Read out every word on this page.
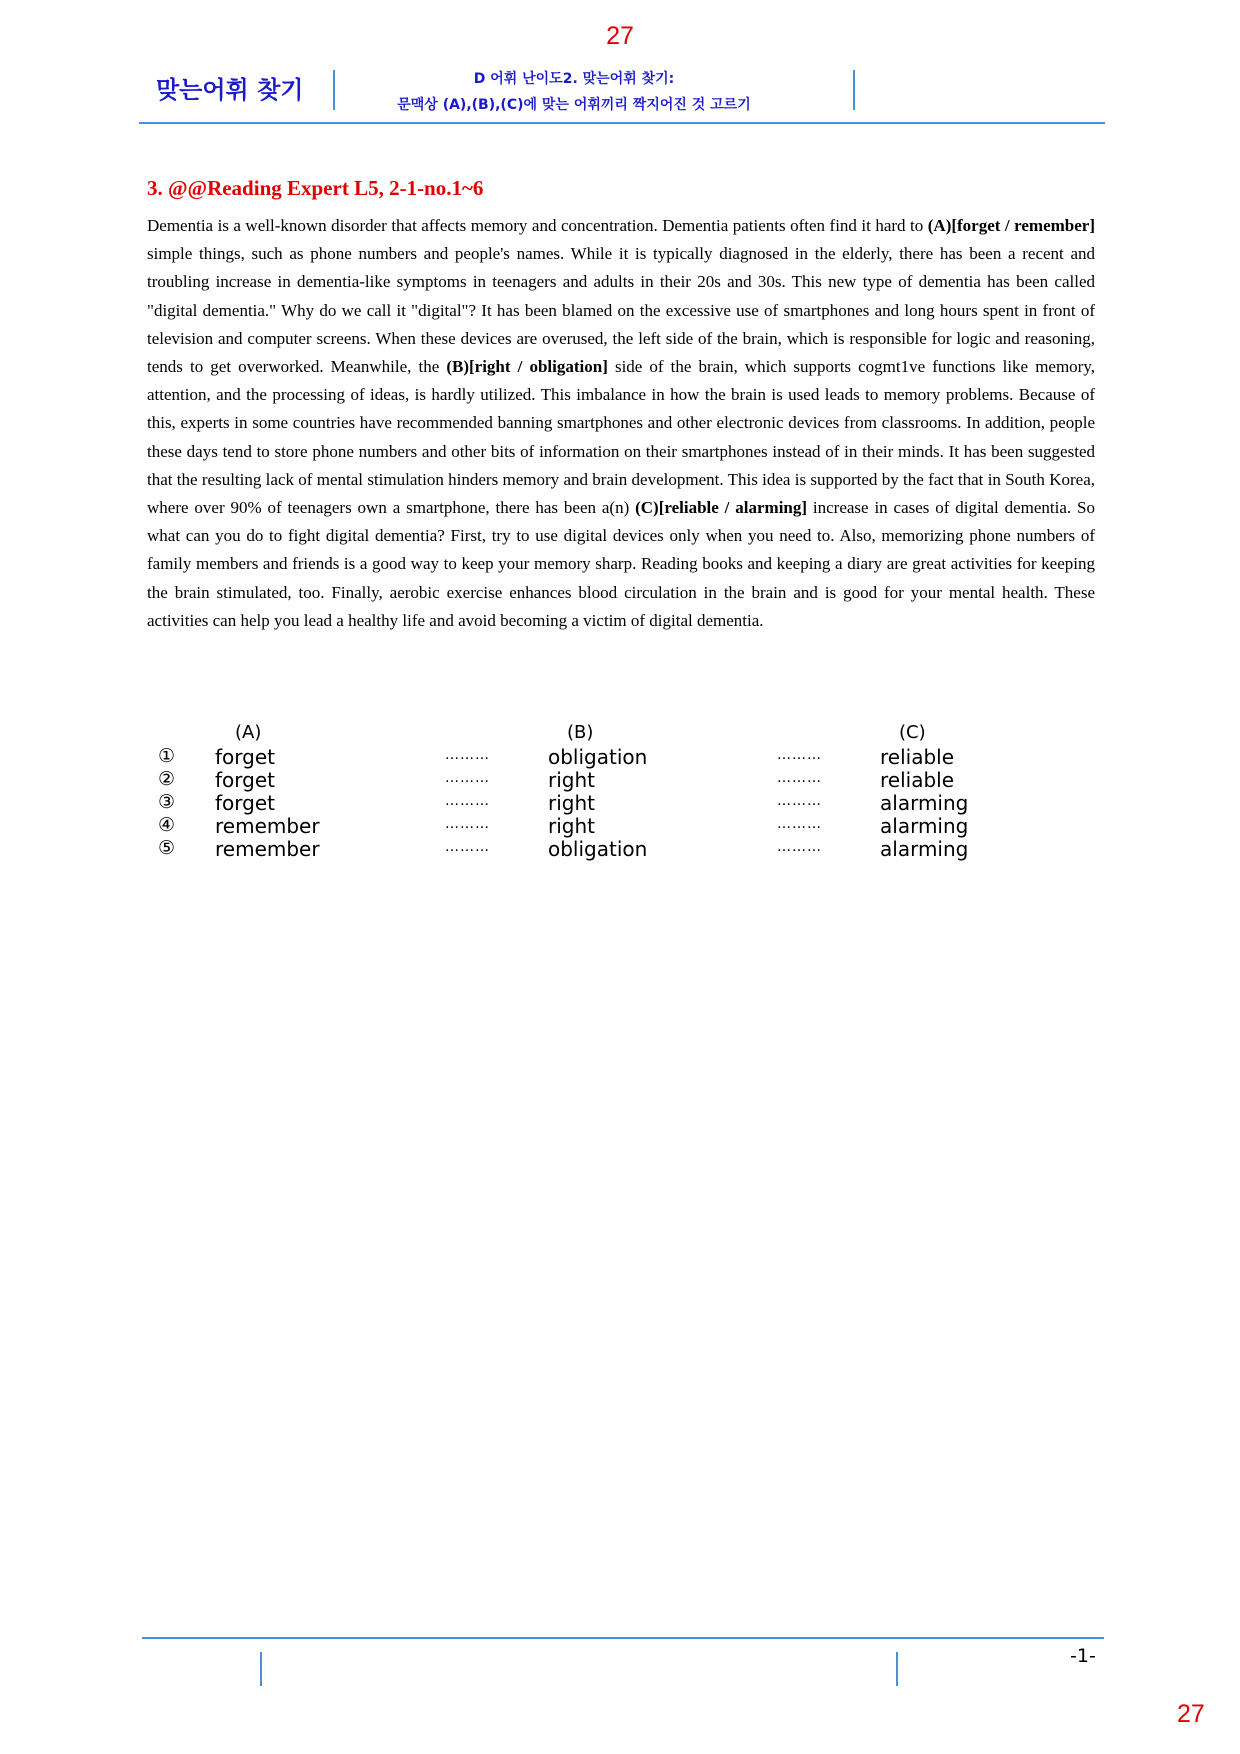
27
맞는어휘 찾기	D 어휘 난이도2. 맞는어휘 찾기:
문맥상 (A),(B),(C)에 맞는 어휘끼리 짝지어진 것 고르기
3. @@Reading Expert L5, 2-1-no.1~6

Dementia is a well-known disorder that affects memory and concentration. Dementia patients often find it hard to (A)[forget / remember] simple things, such as phone numbers and people's names. While it is typically diagnosed in the elderly, there has been a recent and troubling increase in dementia-like symptoms in teenagers and adults in their 20s and 30s. This new type of dementia has been called "digital dementia." Why do we call it "digital"? It has been blamed on the excessive use of smartphones and long hours spent in front of television and computer screens. When these devices are overused, the left side of the brain, which is responsible for logic and reasoning, tends to get overworked. Meanwhile, the (B)[right / obligation] side of the brain, which supports cogmt1ve functions like memory, attention, and the processing of ideas, is hardly utilized. This imbalance in how the brain is used leads to memory problems. Because of this, experts in some countries have recommended banning smartphones and other electronic devices from classrooms. In addition, people these days tend to store phone numbers and other bits of information on their smartphones instead of in their minds. It has been suggested that the resulting lack of mental stimulation hinders memory and brain development. This idea is supported by the fact that in South Korea, where over 90% of teenagers own a smartphone, there has been a(n) (C)[reliable / alarming] increase in cases of digital dementia. So what can you do to fight digital dementia? First, try to use digital devices only when you need to. Also, memorizing phone numbers of family members and friends is a good way to keep your memory sharp. Reading books and keeping a diary are great activities for keeping the brain stimulated, too. Finally, aerobic exercise enhances blood circulation in the brain and is good for your mental health. These activities can help you lead a healthy life and avoid becoming a victim of digital dementia.

(A)	(B)	(C)
① forget	………	obligation	………	reliable
② forget	………	right	………	reliable
③ forget	………	right	………	alarming
④ remember	………	right	………	alarming
⑤ remember	………	obligation	………	alarming
-1-
27
